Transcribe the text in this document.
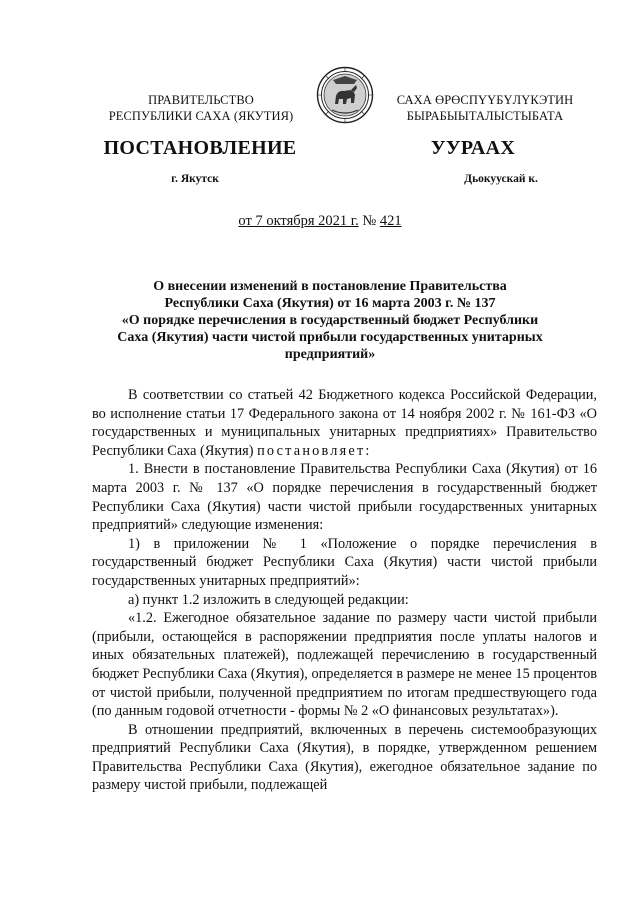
ПРАВИТЕЛЬСТВО
РЕСПУБЛИКИ САХА (ЯКУТИЯ)
САХА ӨРӨСПҮҮБҮЛҮКЭТИН
БЫРАБЫЫТАЛЫСТЫБАТА
ПОСТАНОВЛЕНИЕ	УУРААХ
г. Якутск	Дьокуускай к.
от 7 октября 2021 г. № 421
О внесении изменений в постановление Правительства
Республики Саха (Якутия) от 16 марта 2003 г. № 137
«О порядке перечисления в государственный бюджет Республики
Саха (Якутия) части чистой прибыли государственных унитарных
предприятий»

В соответствии со статьей 42 Бюджетного кодекса Российской Федерации, во исполнение статьи 17 Федерального закона от 14 ноября 2002 г. № 161-ФЗ «О государственных и муниципальных унитарных предприятиях» Правительство Республики Саха (Якутия) постановляет:

1. Внести в постановление Правительства Республики Саха (Якутия) от 16 марта 2003 г. № 137 «О порядке перечисления в государственный бюджет Республики Саха (Якутия) части чистой прибыли государственных унитарных предприятий» следующие изменения:

1) в приложении № 1 «Положение о порядке перечисления в государственный бюджет Республики Саха (Якутия) части чистой прибыли государственных унитарных предприятий»:

а) пункт 1.2 изложить в следующей редакции:

«1.2. Ежегодное обязательное задание по размеру части чистой прибыли (прибыли, остающейся в распоряжении предприятия после уплаты налогов и иных обязательных платежей), подлежащей перечислению в государственный бюджет Республики Саха (Якутия), определяется в размере не менее 15 процентов от чистой прибыли, полученной предприятием по итогам предшествующего года (по данным годовой отчетности - формы № 2 «О финансовых результатах»).

В отношении предприятий, включенных в перечень системообразующих предприятий Республики Саха (Якутия), в порядке, утвержденном решением Правительства Республики Саха (Якутия), ежегодное обязательное задание по размеру чистой прибыли, подлежащей
